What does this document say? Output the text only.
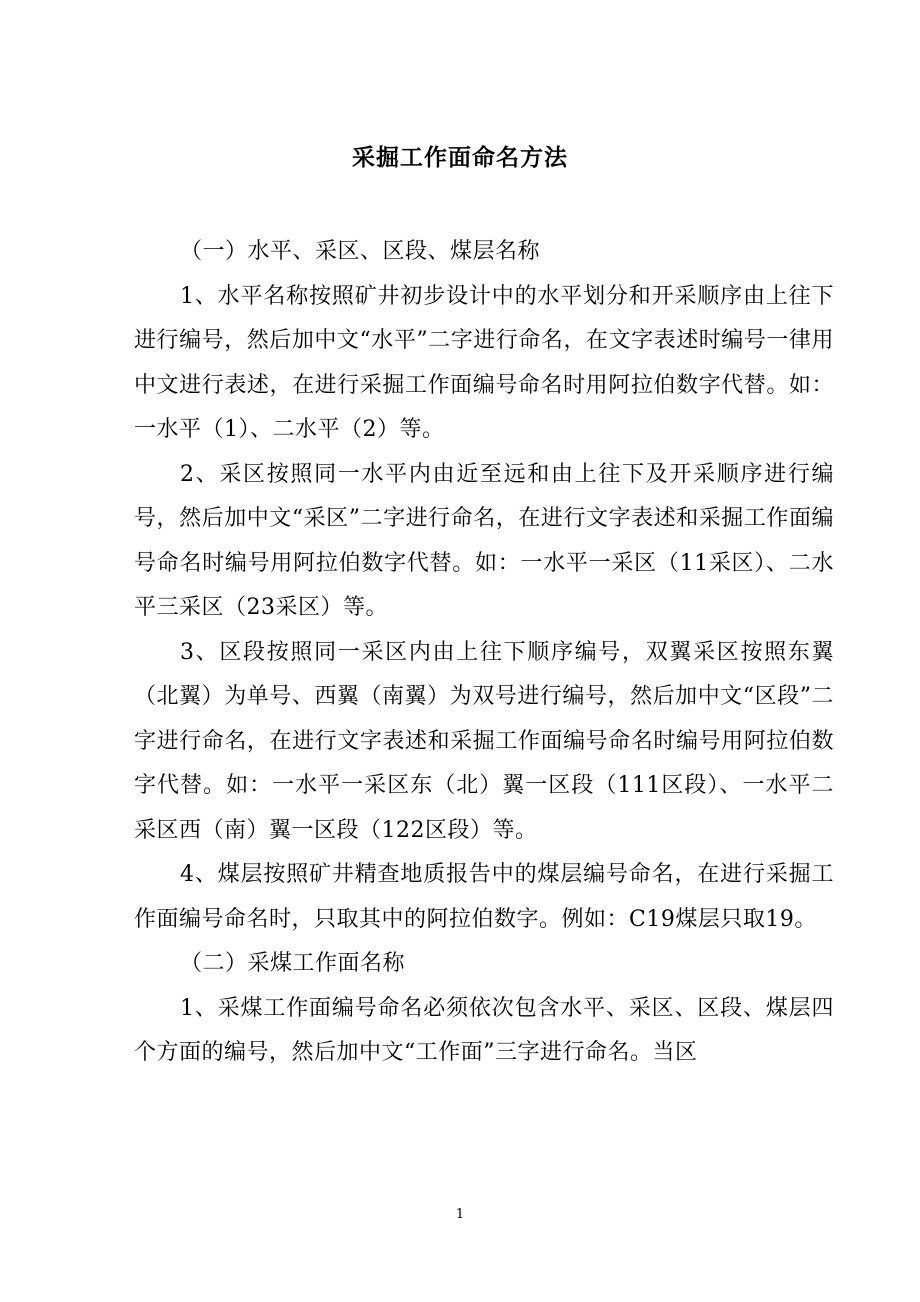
采掘工作面命名方法

（一）水平、采区、区段、煤层名称

1、水平名称按照矿井初步设计中的水平划分和开采顺序由上往下进行编号，然后加中文“水平”二字进行命名，在文字表述时编号一律用中文进行表述，在进行采掘工作面编号命名时用阿拉伯数字代替。如：一水平（1）、二水平（2）等。

2、采区按照同一水平内由近至远和由上往下及开采顺序进行编号，然后加中文“采区”二字进行命名，在进行文字表述和采掘工作面编号命名时编号用阿拉伯数字代替。如：一水平一采区（11采区）、二水平三采区（23采区）等。

3、区段按照同一采区内由上往下顺序编号，双翼采区按照东翼（北翼）为单号、西翼（南翼）为双号进行编号，然后加中文“区段”二字进行命名，在进行文字表述和采掘工作面编号命名时编号用阿拉伯数字代替。如：一水平一采区东（北）翼一区段（111区段）、一水平二采区西（南）翼一区段（122区段）等。

4、煤层按照矿井精查地质报告中的煤层编号命名，在进行采掘工作面编号命名时，只取其中的阿拉伯数字。例如：C19煤层只取19。

（二）采煤工作面名称

1、采煤工作面编号命名必须依次包含水平、采区、区段、煤层四个方面的编号，然后加中文“工作面”三字进行命名。当区

1
